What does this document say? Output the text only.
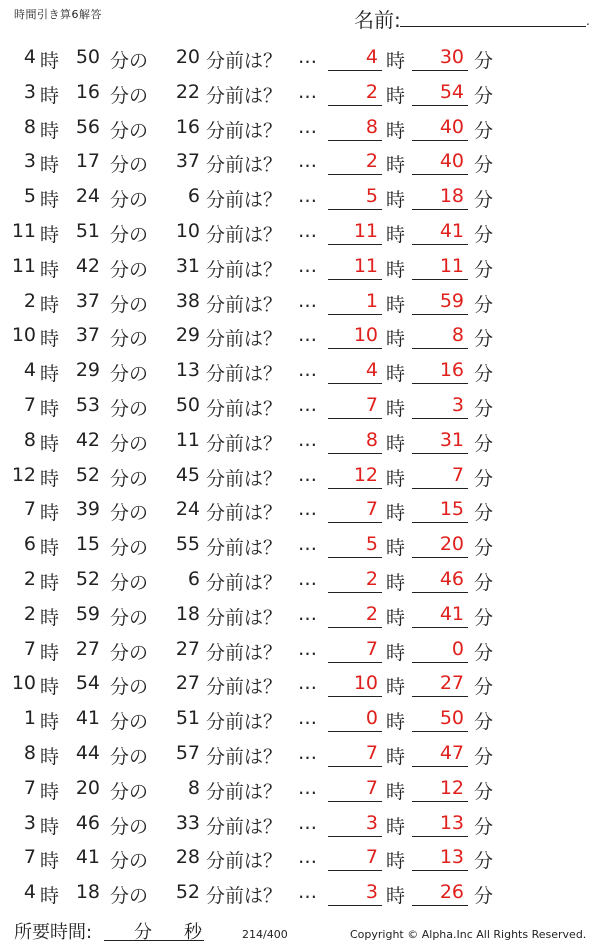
時間引き算6解答	名前:	.
4 時 50 分の	20 分前は？ …	4 時	30 分
3 時 16 分の	22 分前は？ …	2 時	54 分
8 時 56 分の	16 分前は？ …	8 時	40 分
3 時 17 分の	37 分前は？ …	2 時	40 分
5 時 24 分の	6 分前は？ …	5 時	18 分
11 時 51 分の	10 分前は？ …	11 時	41 分
11 時 42 分の	31 分前は？ …	11 時	11 分
2 時 37 分の	38 分前は？ …	1 時	59 分
10 時 37 分の	29 分前は？ …	10 時	8 分
4 時 29 分の	13 分前は？ …	4 時	16 分
7 時 53 分の	50 分前は？ …	7 時	3 分
8 時 42 分の	11 分前は？ …	8 時	31 分
12 時 52 分の	45 分前は？ …	12 時	7 分
7 時 39 分の	24 分前は？ …	7 時	15 分
6 時 15 分の	55 分前は？ …	5 時	20 分
2 時 52 分の	6 分前は？ …	2 時	46 分
2 時 59 分の	18 分前は？ …	2 時	41 分
7 時 27 分の	27 分前は？ …	7 時	0 分
10 時 54 分の	27 分前は？ …	10 時	27 分
1 時 41 分の	51 分前は？ …	0 時	50 分
8 時 44 分の	57 分前は？ …	7 時	47 分
7 時 20 分の	8 分前は？ …	7 時	12 分
3 時 46 分の	33 分前は？ …	3 時	13 分
7 時 41 分の	28 分前は？ …	7 時	13 分
4 時 18 分の	52 分前は？ …	3 時	26 分
所要時間: 分 秒	214/400	Copyright © Alpha.Inc All Rights Reserved.
